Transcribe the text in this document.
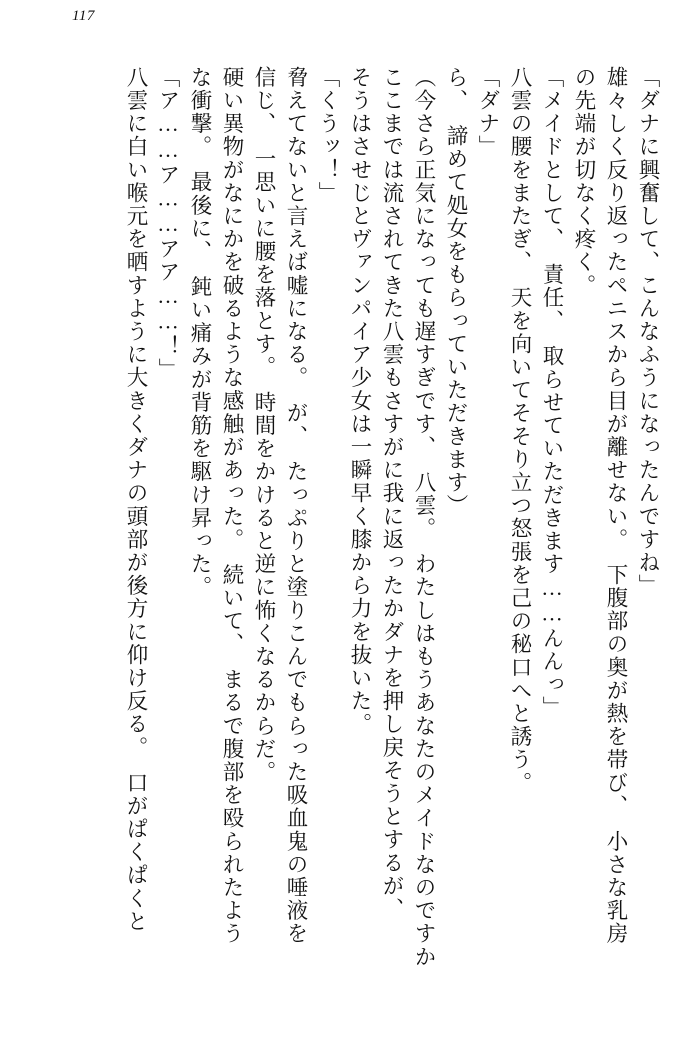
117
「ダナに興奮して、こんなふうになったんですね」
雄々しく反り返ったペニスから目が離せない。　下腹部の奥が熱を帯び、　小さな乳房
の先端が切なく疼く。
「メイドとして、　責任、　取らせていただきます……んんっ」
八雲の腰をまたぎ、　天を向いてそそり立つ怒張を己の秘口へと誘う。
「ダナ」
ら、　諦めて処女をもらっていただきます）
（今さら正気になっても遅すぎです、　八雲。　わたしはもうあなたのメイドなのですか
ここまでは流されてきた八雲もさすがに我に返ったかダナを押し戻そうとするが、
そうはさせじとヴァンパイア少女は一瞬早く膝から力を抜いた。
「くうッ！」
脅えてないと言えば嘘になる。　が、　たっぷりと塗りこんでもらった吸血鬼の唾液を
信じ、　一思いに腰を落とす。　時間をかけると逆に怖くなるからだ。
硬い異物がなにかを破るような感触があった。　続いて、　まるで腹部を殴られたよう
な衝撃。　最後に、　鈍い痛みが背筋を駆け昇った。
「ア……ア……アア……！」
八雲に白い喉元を晒すように大きくダナの頭部が後方に仰け反る。　口がぱくぱくと
